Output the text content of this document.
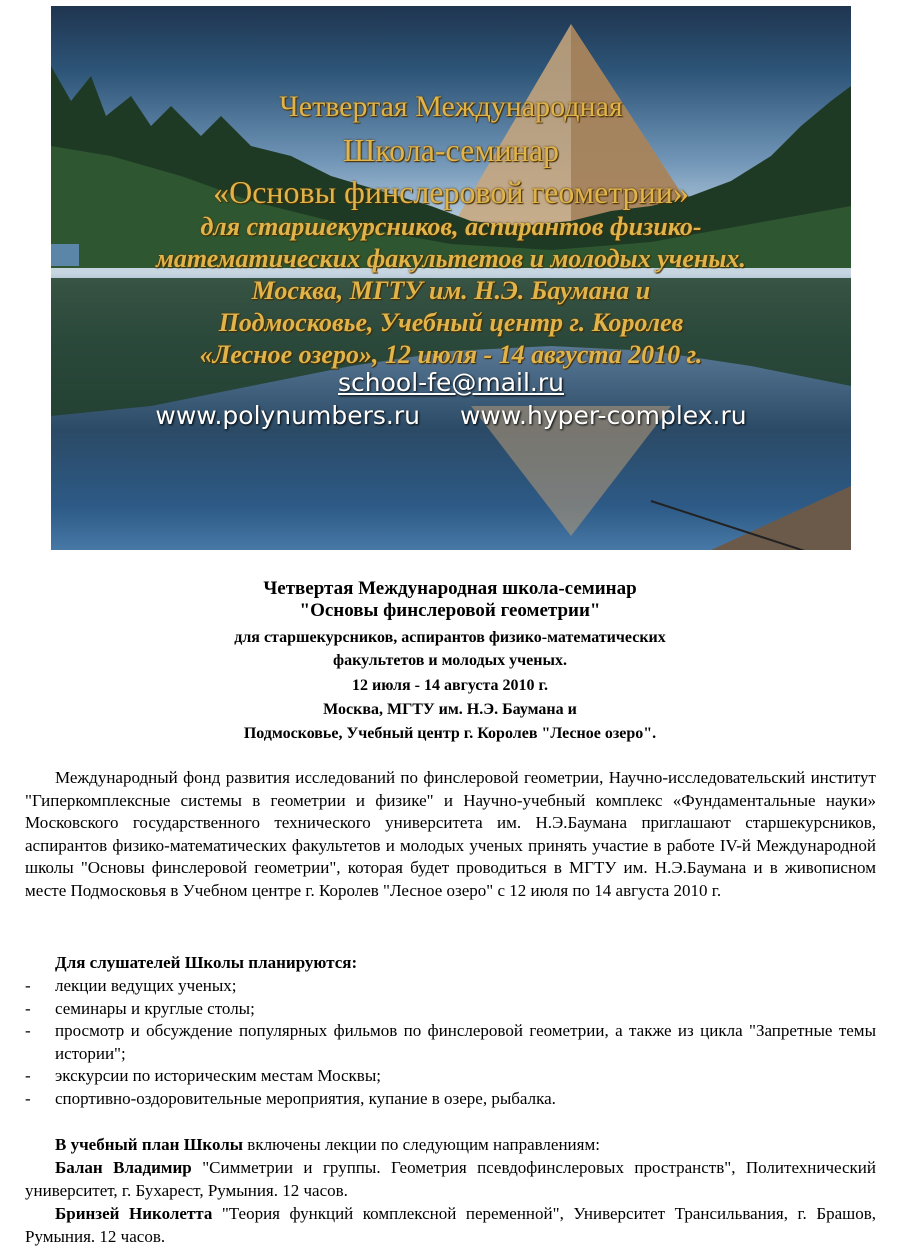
Четвертая Международная
Школа-семинар
«Основы финслеровой геометрии»
для старшекурсников, аспирантов физико-
математических факультетов и молодых ученых.
Москва, МГТУ им. Н.Э. Баумана и
Подмосковье, Учебный центр г. Королев
«Лесное озеро», 12 июля - 14 августа 2010 г.
school-fe@mail.ru
www.polynumbers.ru www.hyper-complex.ru
Четвертая Международная школа-семинар
"Основы финслеровой геометрии"
для старшекурсников, аспирантов физико-математических
факультетов и молодых ученых.
12 июля - 14 августа 2010 г.
Москва, МГТУ им. Н.Э. Баумана и
Подмосковье, Учебный центр г. Королев "Лесное озеро".
Международный фонд развития исследований по финслеровой геометрии, Научно-исследовательский институт "Гиперкомплексные системы в геометрии и физике" и Научно-учебный комплекс «Фундаментальные науки» Московского государственного технического университета им. Н.Э.Баумана приглашают старшекурсников, аспирантов физико-математических факультетов и молодых ученых принять участие в работе IV-й Международной школы "Основы финслеровой геометрии", которая будет проводиться в МГТУ им. Н.Э.Баумана и в живописном месте Подмосковья в Учебном центре г. Королев "Лесное озеро" с 12 июля по 14 августа 2010 г.
Для слушателей Школы планируются:
- лекции ведущих ученых;
- семинары и круглые столы;
- просмотр и обсуждение популярных фильмов по финслеровой геометрии, а также из цикла "Запретные темы истории";
- экскурсии по историческим местам Москвы;
- спортивно-оздоровительные мероприятия, купание в озере, рыбалка.
В учебный план Школы включены лекции по следующим направлениям:
Балан Владимир "Симметрии и группы. Геометрия псевдофинслеровых пространств", Политехнический университет, г. Бухарест, Румыния. 12 часов.
Бринзей Николетта "Теория функций комплексной переменной", Университет Трансильвания, г. Брашов, Румыния. 12 часов.
